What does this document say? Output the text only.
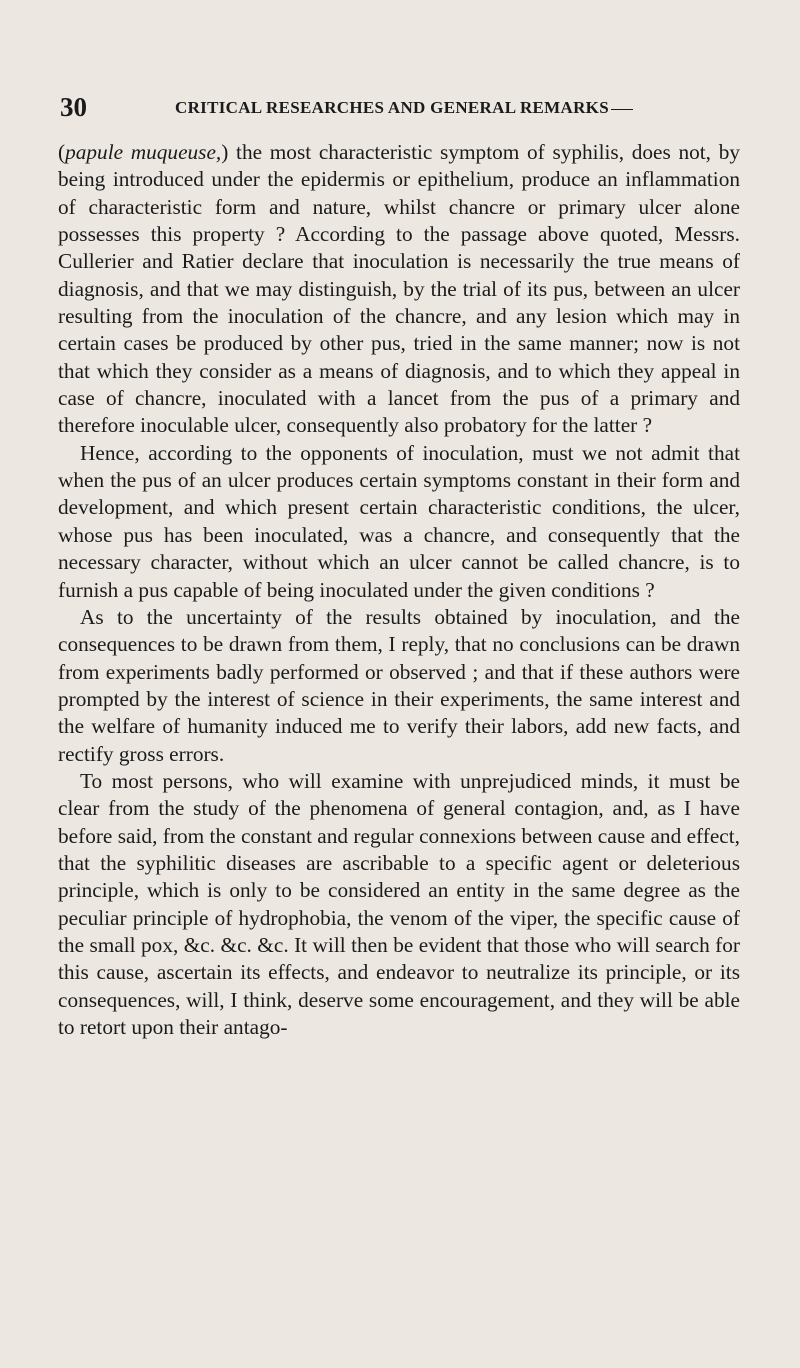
30	CRITICAL RESEARCHES AND GENERAL REMARKS

(papule muqueuse,) the most characteristic symptom of syphilis, does not, by being introduced under the epidermis or epithelium, produce an inflammation of characteristic form and nature, whilst chancre or primary ulcer alone possesses this property ? According to the passage above quoted, Messrs. Cullerier and Ratier declare that inoculation is necessarily the true means of diagnosis, and that we may distinguish, by the trial of its pus, between an ulcer resulting from the inoculation of the chancre, and any lesion which may in certain cases be produced by other pus, tried in the same manner; now is not that which they consider as a means of diagnosis, and to which they appeal in case of chancre, inoculated with a lancet from the pus of a primary and therefore inoculable ulcer, consequently also probatory for the latter ?

Hence, according to the opponents of inoculation, must we not admit that when the pus of an ulcer produces certain symptoms constant in their form and development, and which present certain characteristic conditions, the ulcer, whose pus has been inoculated, was a chancre, and consequently that the necessary character, without which an ulcer cannot be called chancre, is to furnish a pus capable of being inoculated under the given conditions ?

As to the uncertainty of the results obtained by inoculation, and the consequences to be drawn from them, I reply, that no conclusions can be drawn from experiments badly performed or observed ; and that if these authors were prompted by the interest of science in their experiments, the same interest and the welfare of humanity induced me to verify their labors, add new facts, and rectify gross errors.

To most persons, who will examine with unprejudiced minds, it must be clear from the study of the phenomena of general contagion, and, as I have before said, from the constant and regular connexions between cause and effect, that the syphilitic diseases are ascribable to a specific agent or deleterious principle, which is only to be considered an entity in the same degree as the peculiar principle of hydrophobia, the venom of the viper, the specific cause of the small pox, &c. &c. &c. It will then be evident that those who will search for this cause, ascertain its effects, and endeavor to neutralize its principle, or its consequences, will, I think, deserve some encouragement, and they will be able to retort upon their antago-
